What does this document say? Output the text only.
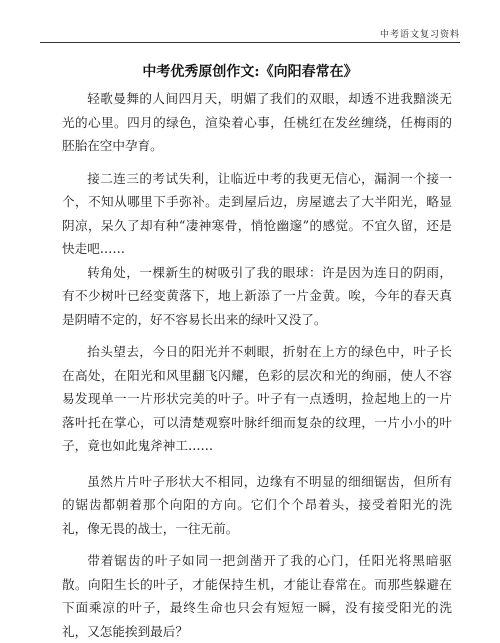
中考语文复习资料
中考优秀原创作文:《向阳春常在》

轻歌曼舞的人间四月天，明媚了我们的双眼，却透不进我黯淡无光的心里。四月的绿色，渲染着心事，任桃红在发丝缠绕，任梅雨的胚胎在空中孕育。

接二连三的考试失利，让临近中考的我更无信心，漏洞一个接一个，不知从哪里下手弥补。走到屋后边，房屋遮去了大半阳光，略显阴凉，呆久了却有种“凄神寒骨，悄怆幽邃”的感觉。不宜久留，还是快走吧……

转角处，一棵新生的树吸引了我的眼球：许是因为连日的阴雨，有不少树叶已经变黄落下，地上新添了一片金黄。唉，今年的春天真是阴晴不定的，好不容易长出来的绿叶又没了。

抬头望去，今日的阳光并不刺眼，折射在上方的绿色中，叶子长在高处，在阳光和风里翻飞闪耀，色彩的层次和光的绚丽，使人不容易发现单一一片形状完美的叶子。叶子有一点透明，捡起地上的一片落叶托在掌心，可以清楚观察叶脉纤细而复杂的纹理，一片小小的叶子，竟也如此鬼斧神工……

虽然片片叶子形状大不相同，边缘有不明显的细细锯齿，但所有的锯齿都朝着那个向阳的方向。它们个个昂着头，接受着阳光的洗礼，像无畏的战士，一往无前。

带着锯齿的叶子如同一把剑凿开了我的心门，任阳光将黑暗驱散。向阳生长的叶子，才能保持生机，才能让春常在。而那些躲避在下面乘凉的叶子，最终生命也只会有短短一瞬，没有接受阳光的洗礼，又怎能挨到最后？
